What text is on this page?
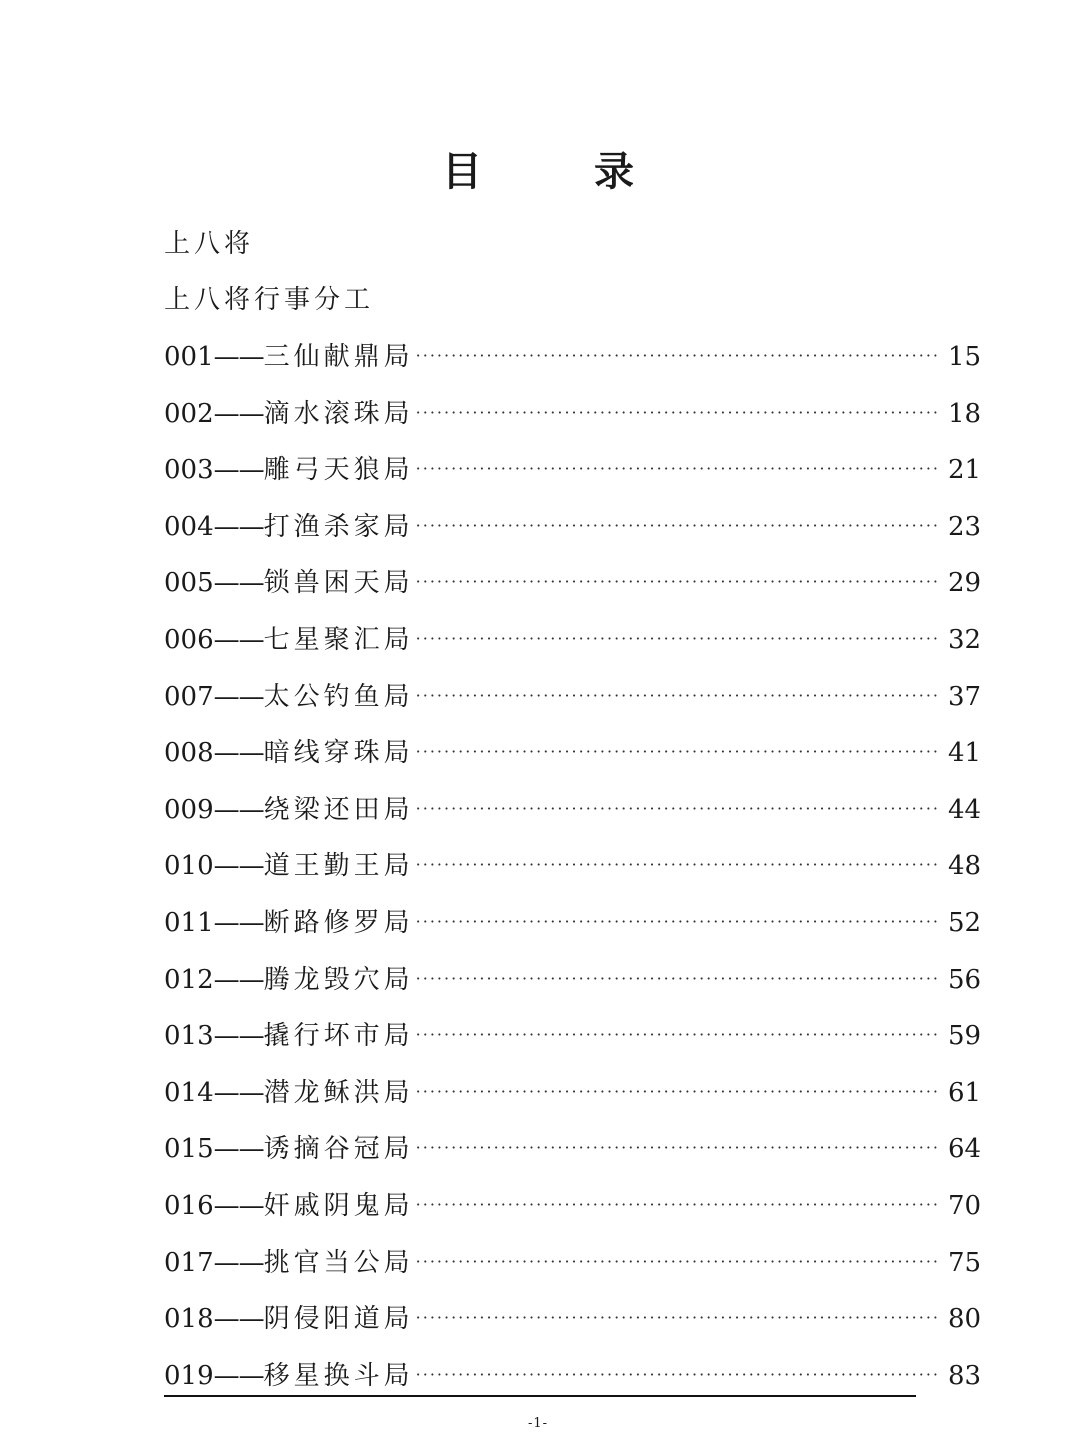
目　录
上八将
上八将行事分工
001 —— 三仙献鼎局 ·········································································· 15
002 —— 滴水滚珠局 ·········································································· 18
003 —— 雕弓天狼局 ·········································································· 21
004 —— 打渔杀家局 ·········································································· 23
005 —— 锁兽困天局 ·········································································· 29
006 —— 七星聚汇局 ·········································································· 32
007 —— 太公钓鱼局 ·········································································· 37
008 —— 暗线穿珠局 ·········································································· 41
009 —— 绕梁还田局 ·········································································· 44
010 —— 道王勤王局 ·········································································· 48
011 —— 断路修罗局 ·········································································· 52
012 —— 腾龙毁穴局 ·········································································· 56
013 —— 撬行坏市局 ·········································································· 59
014 —— 潜龙稣洪局 ·········································································· 61
015 —— 诱摘谷冠局 ·········································································· 64
016 —— 奸戚阴鬼局 ·········································································· 70
017 —— 挑官当公局 ·········································································· 75
018 —— 阴侵阳道局 ·········································································· 80
019 —— 移星换斗局 ·········································································· 83
-1-
